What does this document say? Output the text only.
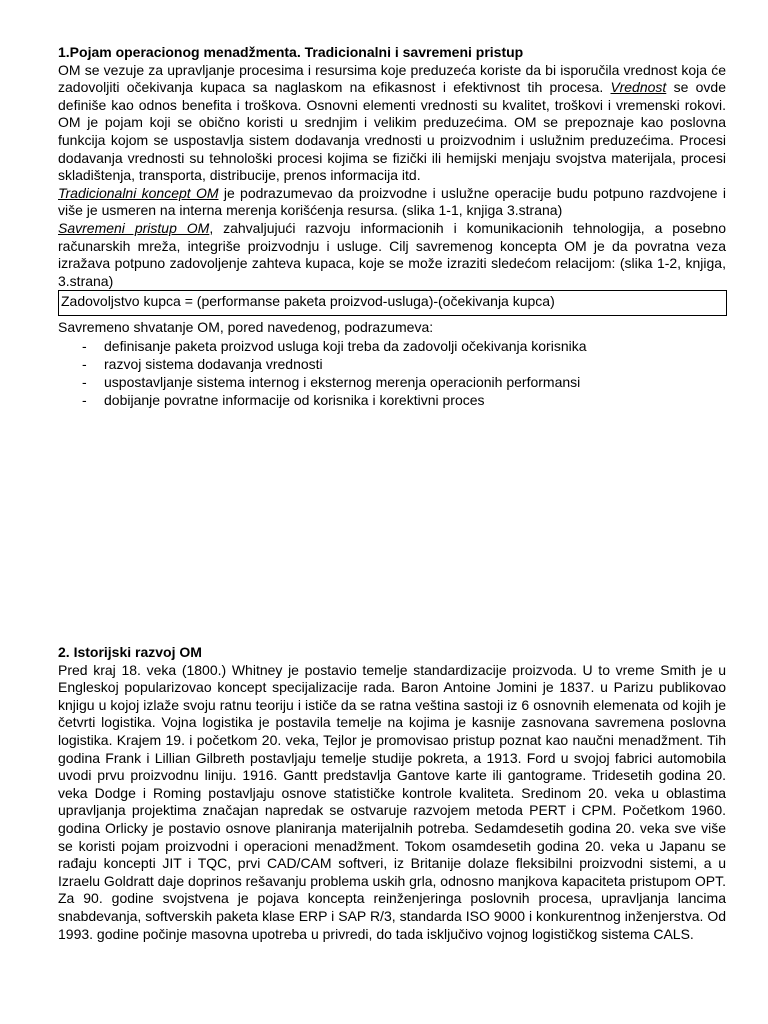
1.Pojam operacionog menadžmenta. Tradicionalni i savremeni pristup

OM se vezuje za upravljanje procesima i resursima koje preduzeća koriste da bi isporučila vrednost koja će zadovoljiti očekivanja kupaca sa naglaskom na efikasnost i efektivnost tih procesa. Vrednost se ovde definiše kao odnos benefita i troškova. Osnovni elementi vrednosti su kvalitet, troškovi i vremenski rokovi. OM je pojam koji se obično koristi u srednjim i velikim preduzećima. OM se prepoznaje kao poslovna funkcija kojom se uspostavlja sistem dodavanja vrednosti u proizvodnim i uslužnim preduzećima. Procesi dodavanja vrednosti su tehnološki procesi kojima se fizički ili hemijski menjaju svojstva materijala, procesi skladištenja, transporta, distribucije, prenos informacija itd.

Tradicionalni koncept OM je podrazumevao da proizvodne i uslužne operacije budu potpuno razdvojene i više je usmeren na interna merenja korišćenja resursa. (slika 1-1, knjiga 3.strana)

Savremeni pristup OM, zahvaljujući razvoju informacionih i komunikacionih tehnologija, a posebno računarskih mreža, integriše proizvodnju i usluge. Cilj savremenog koncepta OM je da povratna veza izražava potpuno zadovoljenje zahteva kupaca, koje se može izraziti sledećom relacijom: (slika 1-2, knjiga, 3.strana)

Zadovoljstvo kupca = (performanse paketa proizvod-usluga)-(očekivanja kupca)

Savremeno shvatanje OM, pored navedenog, podrazumeva:

- definisanje paketa proizvod usluga koji treba da zadovolji očekivanja korisnika
- razvoj sistema dodavanja vrednosti
- uspostavljanje sistema internog i eksternog merenja operacionih performansi
- dobijanje povratne informacije od korisnika i korektivni proces
2. Istorijski razvoj OM

Pred kraj 18. veka (1800.) Whitney je postavio temelje standardizacije proizvoda. U to vreme Smith je u Engleskoj popularizovao koncept specijalizacije rada. Baron Antoine Jomini je 1837. u Parizu publikovao knjigu u kojoj izlaže svoju ratnu teoriju i ističe da se ratna veština sastoji iz 6 osnovnih elemenata od kojih je četvrti logistika. Vojna logistika je postavila temelje na kojima je kasnije zasnovana savremena poslovna logistika. Krajem 19. i početkom 20. veka, Tejlor je promovisao pristup poznat kao naučni menadžment. Tih godina Frank i Lillian Gilbreth postavljaju temelje studije pokreta, a 1913. Ford u svojoj fabrici automobila uvodi prvu proizvodnu liniju. 1916. Gantt predstavlja Gantove karte ili gantograme. Tridesetih godina 20. veka Dodge i Roming postavljaju osnove statističke kontrole kvaliteta. Sredinom 20. veka u oblastima upravljanja projektima značajan napredak se ostvaruje razvojem metoda PERT i CPM. Početkom 1960. godina Orlicky je postavio osnove planiranja materijalnih potreba. Sedamdesetih godina 20. veka sve više se koristi pojam proizvodni i operacioni menadžment. Tokom osamdesetih godina 20. veka u Japanu se rađaju koncepti JIT i TQC, prvi CAD/CAM softveri, iz Britanije dolaze fleksibilni proizvodni sistemi, a u Izraelu Goldratt daje doprinos rešavanju problema uskih grla, odnosno manjkova kapaciteta pristupom OPT. Za 90. godine svojstvena je pojava koncepta reinženjeringa poslovnih procesa, upravljanja lancima snabdevanja, softverskih paketa klase ERP i SAP R/3, standarda ISO 9000 i konkurentnog inženjerstva. Od 1993. godine počinje masovna upotreba u privredi, do tada isključivo vojnog logističkog sistema CALS.
